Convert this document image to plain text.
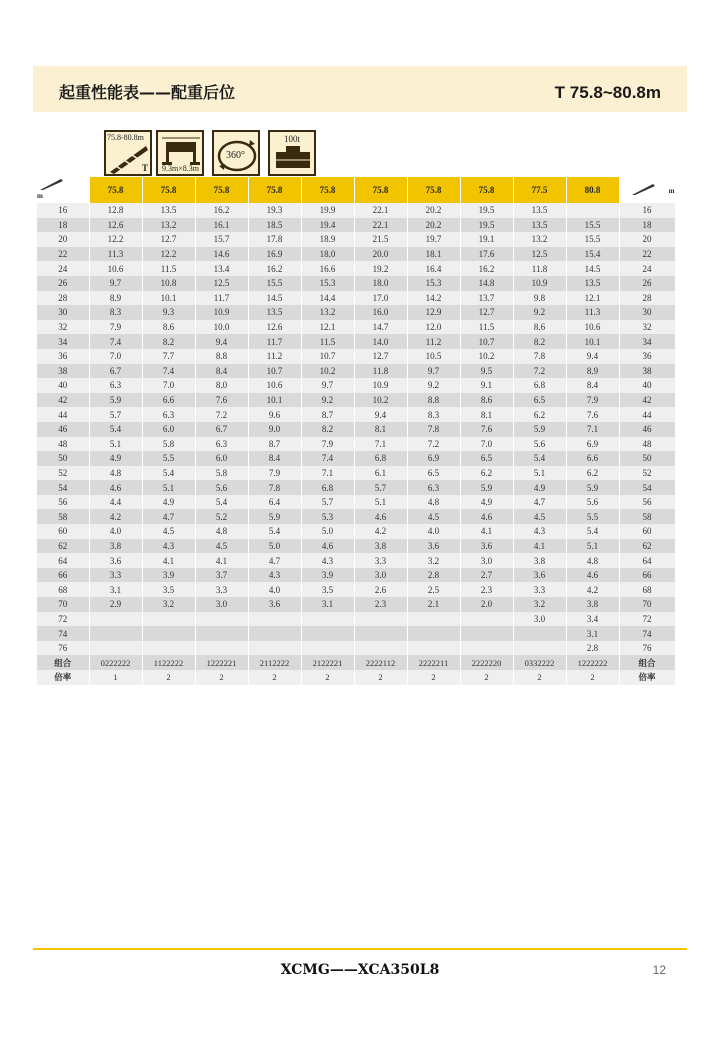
起重性能表——配重后位	T 75.8~80.8m
75.8-80.8m
T 9.3m×8.3m
360°
100t
$^m$	75.8	75.8	75.8	75.8	75.8	75.8	75.8	75.8	77.5	80.8	$^m$
16	12.8	13.5	16.2	19.3	19.9	22.1	20.2	19.5	13.5		16
18	12.6	13.2	16.1	18.5	19.4	22.1	20.2	19.5	13.5	15.5	18
20	12.2	12.7	15.7	17.8	18.9	21.5	19.7	19.1	13.2	15.5	20
22	11.3	12.2	14.6	16.9	18.0	20.0	18.1	17.6	12.5	15.4	22
24	10.6	11.5	13.4	16.2	16.6	19.2	16.4	16.2	11.8	14.5	24
26	9.7	10.8	12.5	15.5	15.3	18.0	15.3	14.8	10.9	13.5	26
28	8.9	10.1	11.7	14.5	14.4	17.0	14.2	13.7	9.8	12.1	28
30	8.3	9.3	10.9	13.5	13.2	16.0	12.9	12.7	9.2	11.3	30
32	7.9	8.6	10.0	12.6	12.1	14.7	12.0	11.5	8.6	10.6	32
34	7.4	8.2	9.4	11.7	11.5	14.0	11.2	10.7	8.2	10.1	34
36	7.0	7.7	8.8	11.2	10.7	12.7	10.5	10.2	7.8	9.4	36
38	6.7	7.4	8.4	10.7	10.2	11.8	9.7	9.5	7.2	8.9	38
40	6.3	7.0	8.0	10.6	9.7	10.9	9.2	9.1	6.8	8.4	40
42	5.9	6.6	7.6	10.1	9.2	10.2	8.8	8.6	6.5	7.9	42
44	5.7	6.3	7.2	9.6	8.7	9.4	8.3	8.1	6.2	7.6	44
46	5.4	6.0	6.7	9.0	8.2	8.1	7.8	7.6	5.9	7.1	46
48	5.1	5.8	6.3	8.7	7.9	7.1	7.2	7.0	5.6	6.9	48
50	4.9	5.5	6.0	8.4	7.4	6.8	6.9	6.5	5.4	6.6	50
52	4.8	5.4	5.8	7.9	7.1	6.1	6.5	6.2	5.1	6.2	52
54	4.6	5.1	5.6	7.8	6.8	5.7	6.3	5.9	4.9	5.9	54
56	4.4	4.9	5.4	6.4	5.7	5.1	4.8	4.9	4.7	5.6	56
58	4.2	4.7	5.2	5.9	5.3	4.6	4.5	4.6	4.5	5.5	58
60	4.0	4.5	4.8	5.4	5.0	4.2	4.0	4.1	4.3	5.4	60
62	3.8	4.3	4.5	5.0	4.6	3.8	3.6	3.6	4.1	5.1	62
64	3.6	4.1	4.1	4.7	4.3	3.3	3.2	3.0	3.8	4.8	64
66	3.3	3.9	3.7	4.3	3.9	3.0	2.8	2.7	3.6	4.6	66
68	3.1	3.5	3.3	4.0	3.5	2.6	2.5	2.3	3.3	4.2	68
70	2.9	3.2	3.0	3.6	3.1	2.3	2.1	2.0	3.2	3.8	70
72									3.0	3.4	72
74										3.1	74
76										2.8	76
组合	0222222	1122222	1222221	2112222	2122221	2222112	2222211	2222220	0332222	1222222	组合
倍率	1	2	2	2	2	2	2	2	2	2	倍率
XCMG——XCA350L8	12
